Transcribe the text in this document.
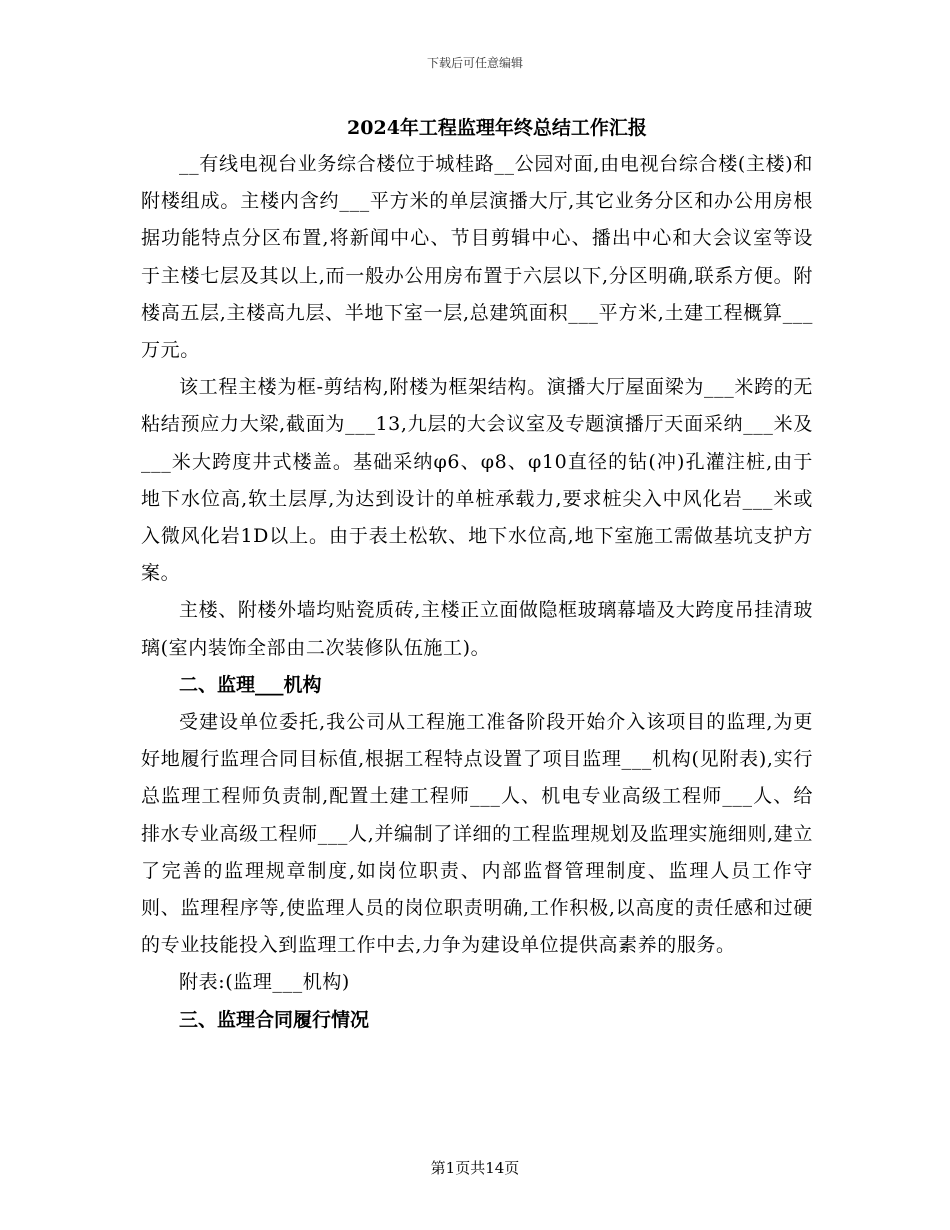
下载后可任意编辑
2024年工程监理年终总结工作汇报

__有线电视台业务综合楼位于城桂路__公园对面,由电视台综合楼(主楼)和附楼组成。主楼内含约___平方米的单层演播大厅,其它业务分区和办公用房根据功能特点分区布置,将新闻中心、节目剪辑中心、播出中心和大会议室等设于主楼七层及其以上,而一般办公用房布置于六层以下,分区明确,联系方便。附楼高五层,主楼高九层、半地下室一层,总建筑面积___平方米,土建工程概算___万元。

该工程主楼为框-剪结构,附楼为框架结构。演播大厅屋面梁为___米跨的无粘结预应力大梁,截面为___13,九层的大会议室及专题演播厅天面采纳___米及___米大跨度井式楼盖。基础采纳φ6、φ8、φ10直径的钻(冲)孔灌注桩,由于地下水位高,软土层厚,为达到设计的单桩承载力,要求桩尖入中风化岩___米或入微风化岩1D以上。由于表土松软、地下水位高,地下室施工需做基坑支护方案。

主楼、附楼外墙均贴瓷质砖,主楼正立面做隐框玻璃幕墙及大跨度吊挂清玻璃(室内装饰全部由二次装修队伍施工)。

二、监理___机构

受建设单位委托,我公司从工程施工准备阶段开始介入该项目的监理,为更好地履行监理合同目标值,根据工程特点设置了项目监理___机构(见附表),实行总监理工程师负责制,配置土建工程师___人、机电专业高级工程师___人、给排水专业高级工程师___人,并编制了详细的工程监理规划及监理实施细则,建立了完善的监理规章制度,如岗位职责、内部监督管理制度、监理人员工作守则、监理程序等,使监理人员的岗位职责明确,工作积极,以高度的责任感和过硬的专业技能投入到监理工作中去,力争为建设单位提供高素养的服务。

附表:(监理___机构)

三、监理合同履行情况

第1页共14页
